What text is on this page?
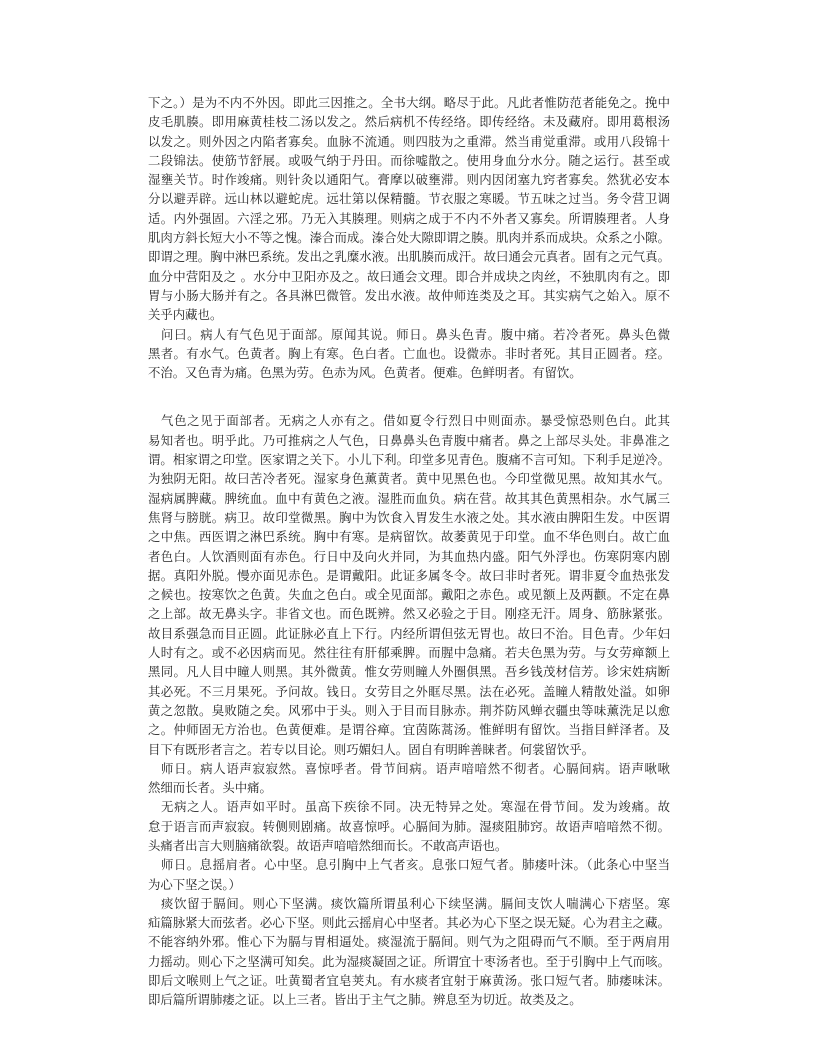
下之。）是为不内不外因。即此三因推之。全书大纲。略尽于此。凡此者惟防范者能免之。挽中
皮毛肌腠。即用麻黄桂枝二汤以发之。然后病机不传经络。即传经络。未及藏府。即用葛根汤
以发之。则外因之内陷者寡矣。血脉不流通。则四肢为之重滞。然当甫觉重滞。或用八段锦十
二段锦法。使筋节舒展。或吸气纳于丹田。而徐嘘散之。使用身血分水分。随之运行。甚至或
湿壅关节。时作竣痛。则针灸以通阳气。膏摩以破壅滞。则内因闭塞九窍者寡矣。然犹必安本
分以避弄辟。远山林以避蛇虎。远壮第以保精髓。节衣服之寒暖。节五味之过当。务令营卫调
适。内外强固。六淫之邪。乃无入其腠理。则病之成于不内不外者又寡矣。所谓腠理者。人身
肌肉方斜长短大小不等之愧。溱合而成。溱合处大隙即谓之腠。肌肉并系而成块。众系之小隙。
即谓之理。胸中淋巴系统。发出之乳糜水液。出肌腠而成汗。故曰通会元真者。固有之元气真。
血分中营阳及之 。水分中卫阳亦及之。故曰通会文理。即合并成块之肉丝，不独肌肉有之。即
胃与小肠大肠并有之。各具淋巴微管。发出水液。故仲师连类及之耳。其实病气之始入。原不
关乎内藏也。
问曰。病人有气色见于面部。原闻其说。师日。鼻头色青。腹中痛。若冷者死。鼻头色微
黑者。有水气。色黄者。胸上有寒。色白者。亡血也。设微赤。非时者死。其目正圆者。痉。
不治。又色青为痛。色黑为劳。色赤为风。色黄者。便难。色鲜明者。有留饮。
气色之见于面部者。无病之人亦有之。借如夏令行烈日中则面赤。暴受惊恐则色白。此其
易知者也。明乎此。乃可推病之人气色，日鼻鼻头色青腹中痛者。鼻之上部尽头处。非鼻准之
谓。相家谓之印堂。医家谓之关下。小儿下利。印堂多见青色。腹痛不言可知。下利手足逆冷。
为独阴无阳。故曰苦冷者死。湿家身色薰黄者。黄中见黑色也。今印堂微见黑。故知其水气。
湿病属脾藏。脾统血。血中有黄色之液。湿胜而血负。病在营。故其其色黄黑相杂。水气属三
焦肾与膀胱。病卫。故印堂微黑。胸中为饮食入胃发生水液之处。其水液由脾阳生发。中医谓
之中焦。西医谓之淋巴系统。胸中有寒。是病留饮。故萎黄见于印堂。血不华色则白。故亡血
者色白。人饮酒则面有赤色。行日中及向火并同，为其血热内盛。阳气外浮也。伤寒阴寒内剧
据。真阳外脱。慢亦面见赤色。是谓戴阳。此证多属冬令。故曰非时者死。谓非夏令血热张发
之候也。按寒饮之色黄。失血之色白。或全见面部。戴阳之赤色。或见额上及两颧。不定在鼻
之上部。故无鼻头字。非省文也。而色既辨。然又必验之于目。刚痉无汗。周身、筋脉紧张。
故目系强急而目正圆。此证脉必直上下行。内经所谓但弦无胃也。故曰不治。目色青。少年妇
人时有之。或不必因病而见。然往往有肝郁乘脾。而腥中急痛。若夫色黑为劳。与女劳瘅额上
黑同。凡人目中瞳人则黑。其外微黄。惟女劳则瞳人外圈俱黑。吾乡钱茂材信芳。诊宋姓病断
其必死。不三月果死。予问故。钱日。女劳目之外眶尽黑。法在必死。盖瞳人精散处溢。如卵
黄之忽散。臭败随之矣。风邪中于头。则入于目而目脉赤。荆芥防风蝉衣疆虫等味薰洗足以愈
之。仲师固无方治也。色黄便难。是谓谷瘅。宜茵陈蒿汤。惟鲜明有留饮。当指目鲜泽者。及
目下有既形者言之。若专以目论。则巧媚妇人。固自有明眸善睐者。何裳留饮乎。
师日。病人语声寂寂然。喜惊呼者。骨节间病。语声喑喑然不彻者。心膈间病。语声啾啾
然细而长者。头中痛。
无病之人。语声如平时。虽高下疾徐不同。决无特异之处。寒湿在骨节间。发为竣痛。故
怠于语言而声寂寂。转侧则剧痛。故喜惊呼。心膈间为肺。湿痰阻肺窍。故语声喑喑然不彻。
头痛者出言大则脑痛欲裂。故语声喑喑然细而长。不敢高声语也。
师日。息摇肩者。心中坚。息引胸中上气者亥。息张口短气者。肺痿叶沫。（此条心中坚当
为心下坚之误。）
痰饮留于膈间。则心下坚满。痰饮篇所谓虽利心下续坚满。膈间支饮人喘满心下痞坚。寒
疝篇脉紧大而弦者。必心下坚。则此云摇肩心中坚者。其必为心下坚之误无疑。心为君主之藏。
不能容纳外邪。惟心下为膈与胃相逼处。痰湿流于膈间。则气为之阻碍而气不顺。至于两肩用
力摇动。则心下之坚满可知矣。此为湿痰凝固之证。所谓宜十枣汤者也。至于引胸中上气而咳。
即后文喉则上气之证。吐黄蜀者宜皂荚丸。有水痰者宜射于麻黄汤。张口短气者。肺痿味沫。
即后篇所谓肺痿之证。以上三者。皆出于主气之肺。辨息至为切近。故类及之。
